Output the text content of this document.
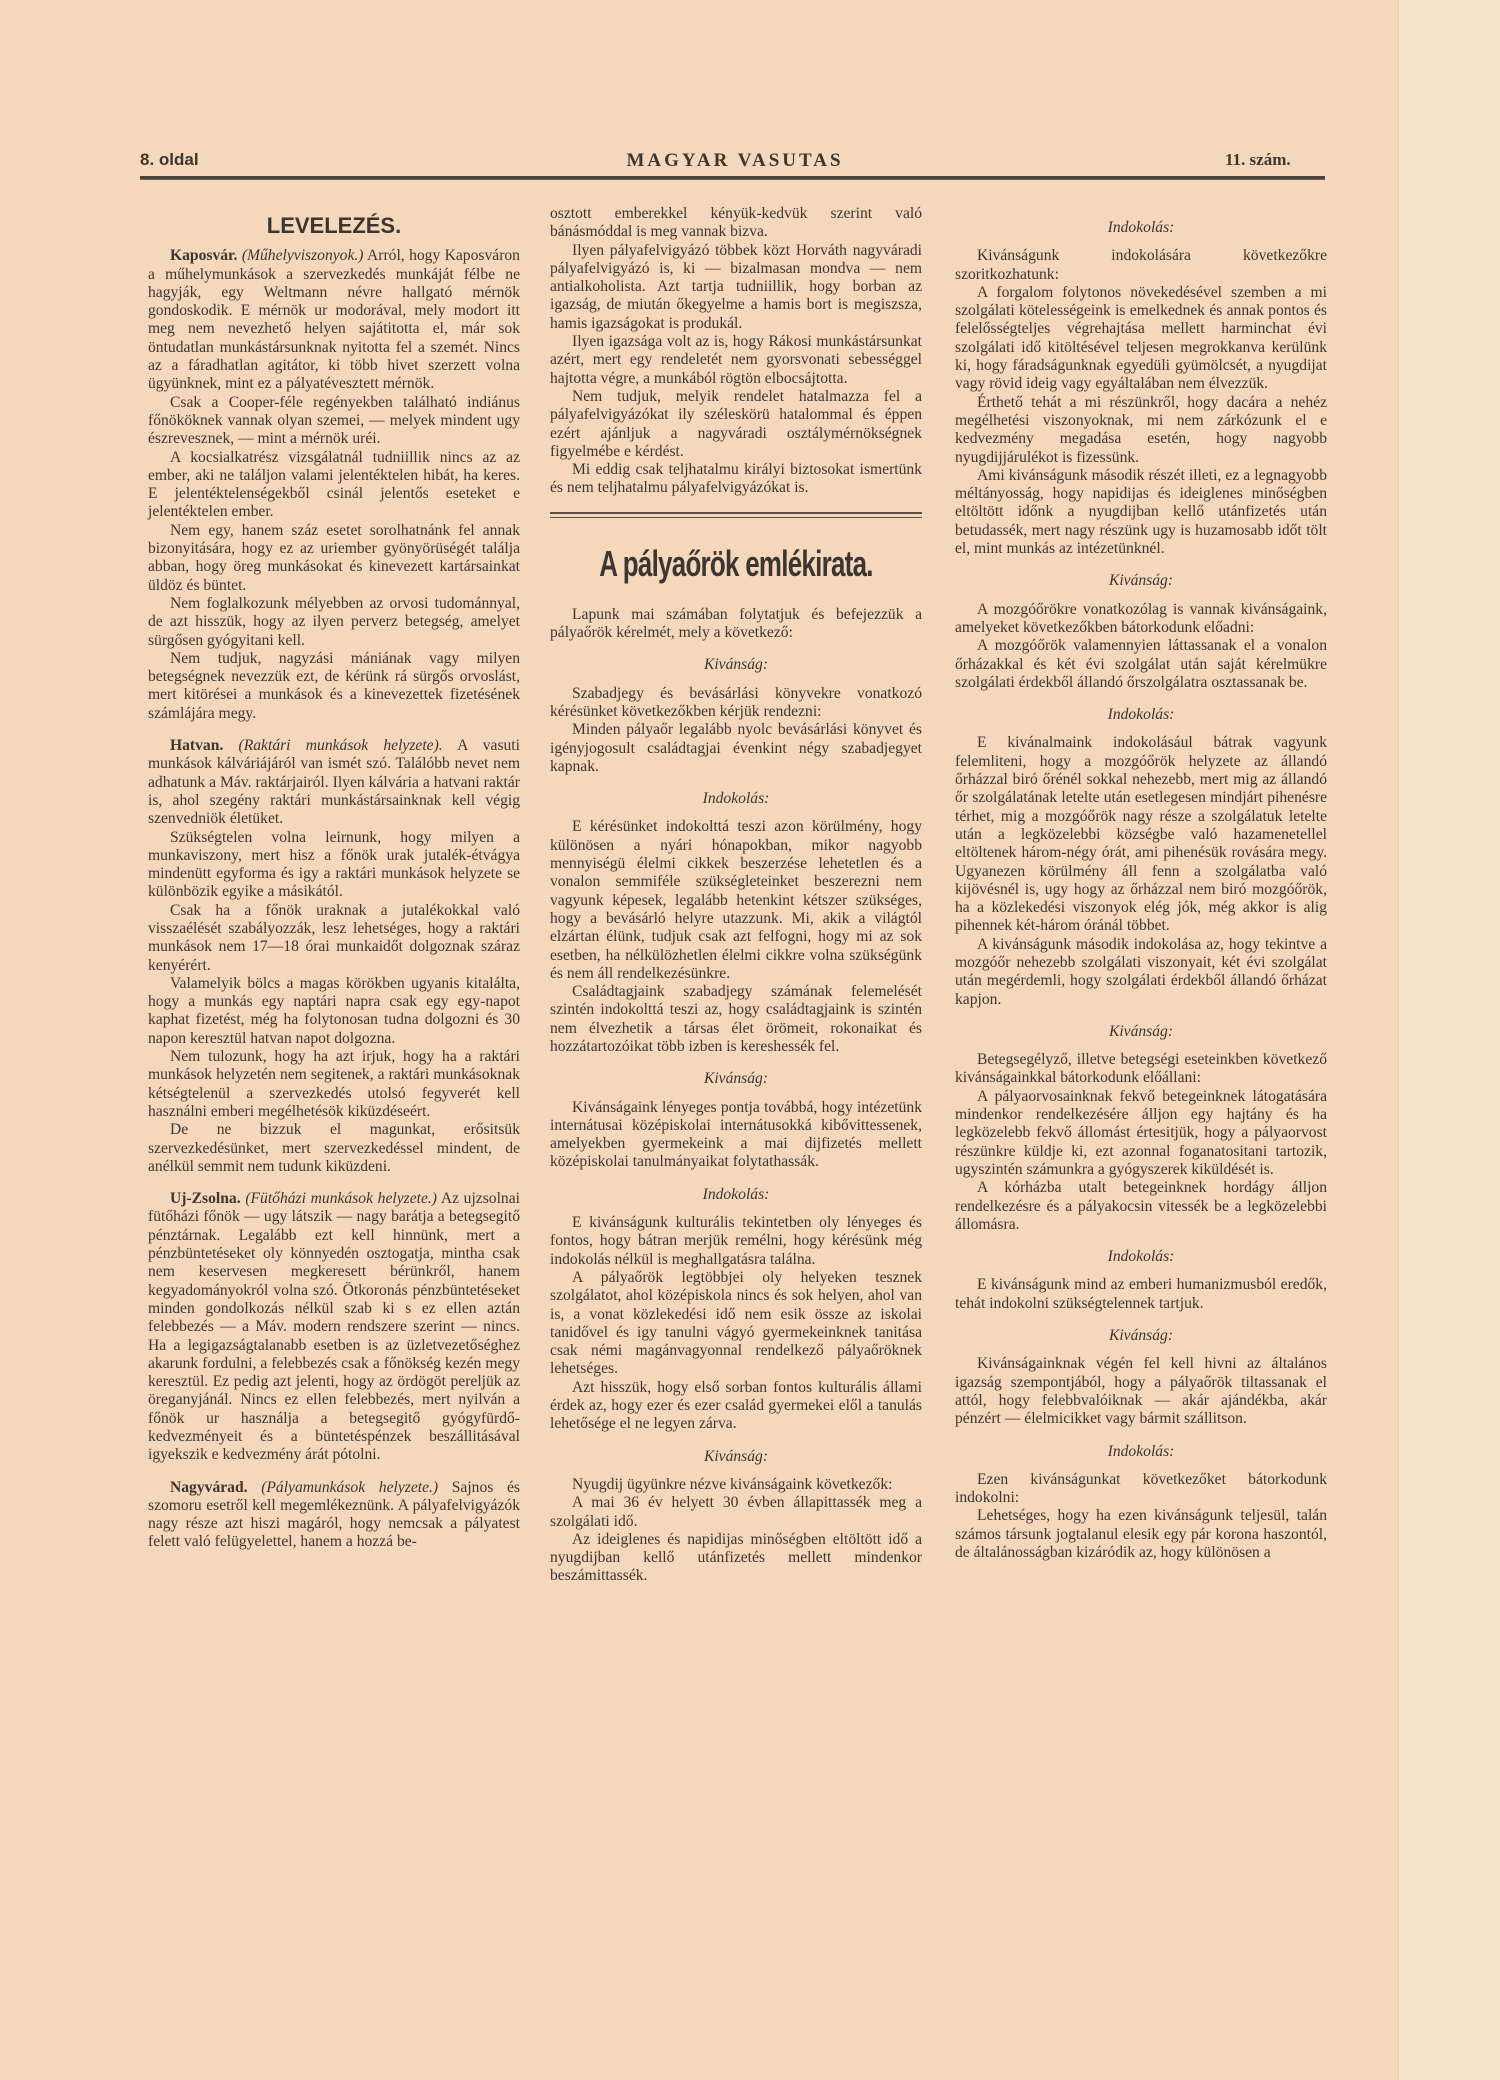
8. oldal	MAGYAR VASUTAS	11. szám.
LEVELEZÉS.

Kaposvár. (Műhelyviszonyok.) Arról, hogy Kaposváron a műhelymunkások a szervezkedés munkáját félbe ne hagyják, egy Weltmann névre hallgató mérnök gondoskodik. E mérnök ur modorával, mely modort itt meg nem nevezhető helyen sajátitotta el, már sok öntudatlan munkástársunknak nyitotta fel a szemét. Nincs az a fáradhatlan agitátor, ki több hivet szerzett volna ügyünknek, mint ez a pályatévesztett mérnök.

Csak a Cooper-féle regényekben található indiánus főnököknek vannak olyan szemei, — melyek mindent ugy észrevesznek, — mint a mérnök uréi.

A kocsialkatrész vizsgálatnál tudniillik nincs az az ember, aki ne találjon valami jelentéktelen hibát, ha keres. E jelentéktelenségekből csinál jelentős eseteket e jelentéktelen ember.

Nem egy, hanem száz esetet sorolhatnánk fel annak bizonyitására, hogy ez az uriember gyönyörüségét találja abban, hogy öreg munkásokat és kinevezett kartársainkat üldöz és büntet.

Nem foglalkozunk mélyebben az orvosi tudománnyal, de azt hisszük, hogy az ilyen perverz betegség, amelyet sürgősen gyógyitani kell.

Nem tudjuk, nagyzási mániának vagy milyen betegségnek nevezzük ezt, de kérünk rá sürgős orvoslást, mert kitörései a munkások és a kinevezettek fizetésének számlájára megy.

Hatvan. (Raktári munkások helyzete). A vasuti munkások kálváriájáról van ismét szó. Találóbb nevet nem adhatunk a Máv. raktárjairól. Ilyen kálvária a hatvani raktár is, ahol szegény raktári munkástársainknak kell végig szenvedniök életüket.

Szükségtelen volna leirnunk, hogy milyen a munkaviszony, mert hisz a főnök urak jutalék-étvágya mindenütt egyforma és igy a raktári munkások helyzete se különbözik egyike a másikától.

Csak ha a főnök uraknak a jutalékokkal való visszaélését szabályozzák, lesz lehetséges, hogy a raktári munkások nem 17—18 órai munkaidőt dolgoznak száraz kenyérért.

Valamelyik bölcs a magas körökben ugyanis kitalálta, hogy a munkás egy naptári napra csak egy egy-napot kaphat fizetést, még ha folytonosan tudna dolgozni és 30 napon keresztül hatvan napot dolgozna.

Nem tulozunk, hogy ha azt irjuk, hogy ha a raktári munkások helyzetén nem segitenek, a raktári munkásoknak kétségtelenül a szervezkedés utolsó fegyverét kell használni emberi megélhetésök kiküzdéseért.

De ne bizzuk el magunkat, erősitsük szervezkedésünket, mert szervezkedéssel mindent, de anélkül semmit nem tudunk kiküzdeni.

Uj-Zsolna. (Fütőházi munkások helyzete.) Az ujzsolnai fütőházi főnök — ugy látszik — nagy barátja a betegsegitő pénztárnak. Legalább ezt kell hinnünk, mert a pénzbüntetéseket oly könnyedén osztogatja, mintha csak nem keservesen megkeresett bérünkről, hanem kegyadományokról volna szó. Ötkoronás pénzbüntetéseket minden gondolkozás nélkül szab ki s ez ellen aztán felebbezés — a Máv. modern rendszere szerint — nincs. Ha a legigazságtalanabb esetben is az üzletvezetőséghez akarunk fordulni, a felebbezés csak a főnökség kezén megy keresztül. Ez pedig azt jelenti, hogy az ördögöt pereljük az öreganyjánál. Nincs ez ellen felebbezés, mert nyilván a főnök ur használja a betegsegitő gyógyfürdő-kedvezményeit és a büntetéspénzek beszállitásával igyekszik e kedvezmény árát pótolni.

Nagyvárad. (Pályamunkások helyzete.) Sajnos és szomoru esetről kell megemlékeznünk. A pályafelvigyázók nagy része azt hiszi magáról, hogy nemcsak a pályatest felett való felügyelettel, hanem a hozzá be-

osztott emberekkel kényük-kedvük szerint való bánásmóddal is meg vannak bizva.

Ilyen pályafelvigyázó többek közt Horváth nagyváradi pályafelvigyázó is, ki — bizalmasan mondva — nem antialkoholista. Azt tartja tudniillik, hogy borban az igazság, de miután őkegyelme a hamis bort is megiszsza, hamis igazságokat is produkál.

Ilyen igazsága volt az is, hogy Rákosi munkástársunkat azért, mert egy rendeletét nem gyorsvonati sebességgel hajtotta végre, a munkából rögtön elbocsájtotta.

Nem tudjuk, melyik rendelet hatalmazza fel a pályafelvigyázókat ily széleskörü hatalommal és éppen ezért ajánljuk a nagyváradi osztálymérnökségnek figyelmébe e kérdést.

Mi eddig csak teljhatalmu királyi biztosokat ismertünk és nem teljhatalmu pályafelvigyázókat is.

A pályaőrök emlékirata.

Lapunk mai számában folytatjuk és befejezzük a pályaőrök kérelmét, mely a következő:

Kivánság:

Szabadjegy és bevásárlási könyvekre vonatkozó kérésünket következőkben kérjük rendezni:

Minden pályaőr legalább nyolc bevásárlási könyvet és igényjogosult családtagjai évenkint négy szabadjegyet kapnak.

Indokolás:

E kérésünket indokolttá teszi azon körülmény, hogy különösen a nyári hónapokban, mikor nagyobb mennyiségü élelmi cikkek beszerzése lehetetlen és a vonalon semmiféle szükségleteinket beszerezni nem vagyunk képesek, legalább hetenkint kétszer szükséges, hogy a bevásárló helyre utazzunk. Mi, akik a világtól elzártan élünk, tudjuk csak azt felfogni, hogy mi az sok esetben, ha nélkülözhetlen élelmi cikkre volna szükségünk és nem áll rendelkezésünkre.

Családtagjaink szabadjegy számának felemelését szintén indokolttá teszi az, hogy családtagjaink is szintén nem élvezhetik a társas élet örömeit, rokonaikat és hozzátartozóikat több izben is kereshessék fel.

Kivánság:

Kivánságaink lényeges pontja továbbá, hogy intézetünk internátusai középiskolai internátusokká kibővittessenek, amelyekben gyermekeink a mai dijfizetés mellett középiskolai tanulmányaikat folytathassák.

Indokolás:

E kivánságunk kulturális tekintetben oly lényeges és fontos, hogy bátran merjük remélni, hogy kérésünk még indokolás nélkül is meghallgatásra találna.

A pályaőrök legtöbbjei oly helyeken tesznek szolgálatot, ahol középiskola nincs és sok helyen, ahol van is, a vonat közlekedési idő nem esik össze az iskolai tanidővel és igy tanulni vágyó gyermekeinknek tanitása csak némi magánvagyonnal rendelkező pályaőröknek lehetséges.

Azt hisszük, hogy első sorban fontos kulturális állami érdek az, hogy ezer és ezer család gyermekei elől a tanulás lehetősége el ne legyen zárva.

Kivánság:

Nyugdij ügyünkre nézve kivánságaink következők:

A mai 36 év helyett 30 évben állapittassék meg a szolgálati idő.

Az ideiglenes és napidijas minőségben eltöltött idő a nyugdijban kellő utánfizetés mellett mindenkor beszámittassék.

Indokolás:

Kivánságunk indokolására következőkre szoritkozhatunk:

A forgalom folytonos növekedésével szemben a mi szolgálati kötelességeink is emelkednek és annak pontos és felelősségteljes végrehajtása mellett harminchat évi szolgálati idő kitöltésével teljesen megrokkanva kerülünk ki, hogy fáradságunknak egyedüli gyümölcsét, a nyugdijat vagy rövid ideig vagy egyáltalában nem élvezzük.

Érthető tehát a mi részünkről, hogy dacára a nehéz megélhetési viszonyoknak, mi nem zárkózunk el e kedvezmény megadása esetén, hogy nagyobb nyugdijjárulékot is fizessünk.

Ami kivánságunk második részét illeti, ez a legnagyobb méltányosság, hogy napidijas és ideiglenes minőségben eltöltött időnk a nyugdijban kellő utánfizetés után betudassék, mert nagy részünk ugy is huzamosabb időt tölt el, mint munkás az intézetünknél.

Kivánság:

A mozgóőrökre vonatkozólag is vannak kivánságaink, amelyeket következőkben bátorkodunk előadni:

A mozgóőrök valamennyien láttassanak el a vonalon őrházakkal és két évi szolgálat után saját kérelmükre szolgálati érdekből állandó őrszolgálatra osztassanak be.

Indokolás:

E kivánalmaink indokolásául bátrak vagyunk felemliteni, hogy a mozgóőrök helyzete az állandó őrházzal biró őrénél sokkal nehezebb, mert mig az állandó őr szolgálatának letelte után esetlegesen mindjárt pihenésre térhet, mig a mozgóőrök nagy része a szolgálatuk letelte után a legközelebbi községbe való hazamenetellel eltöltenek három-négy órát, ami pihenésük rovására megy. Ugyanezen körülmény áll fenn a szolgálatba való kijövésnél is, ugy hogy az őrházzal nem biró mozgóőrök, ha a közlekedési viszonyok elég jók, még akkor is alig pihennek két-három óránál többet.

A kivánságunk második indokolása az, hogy tekintve a mozgóőr nehezebb szolgálati viszonyait, két évi szolgálat után megérdemli, hogy szolgálati érdekből állandó őrházat kapjon.

Kivánság:

Betegsegélyző, illetve betegségi eseteinkben következő kivánságainkkal bátorkodunk előállani:

A pályaorvosainknak fekvő betegeinknek látogatására mindenkor rendelkezésére álljon egy hajtány és ha legközelebb fekvő állomást értesitjük, hogy a pályaorvost részünkre küldje ki, ezt azonnal foganatositani tartozik, ugyszintén számunkra a gyógyszerek kiküldését is.

A kórházba utalt betegeinknek hordágy álljon rendelkezésre és a pályakocsin vitessék be a legközelebbi állomásra.

Indokolás:

E kivánságunk mind az emberi humanizmusból eredők, tehát indokolni szükségtelennek tartjuk.

Kivánság:

Kivánságainknak végén fel kell hivni az általános igazság szempontjából, hogy a pályaőrök tiltassanak el attól, hogy felebbvalóiknak — akár ajándékba, akár pénzért — élelmicikket vagy bármit szállitson.

Indokolás:

Ezen kivánságunkat következőket bátorkodunk indokolni:

Lehetséges, hogy ha ezen kivánságunk teljesül, talán számos társunk jogtalanul elesik egy pár korona haszontól, de általánosságban kizáródik az, hogy különösen a
